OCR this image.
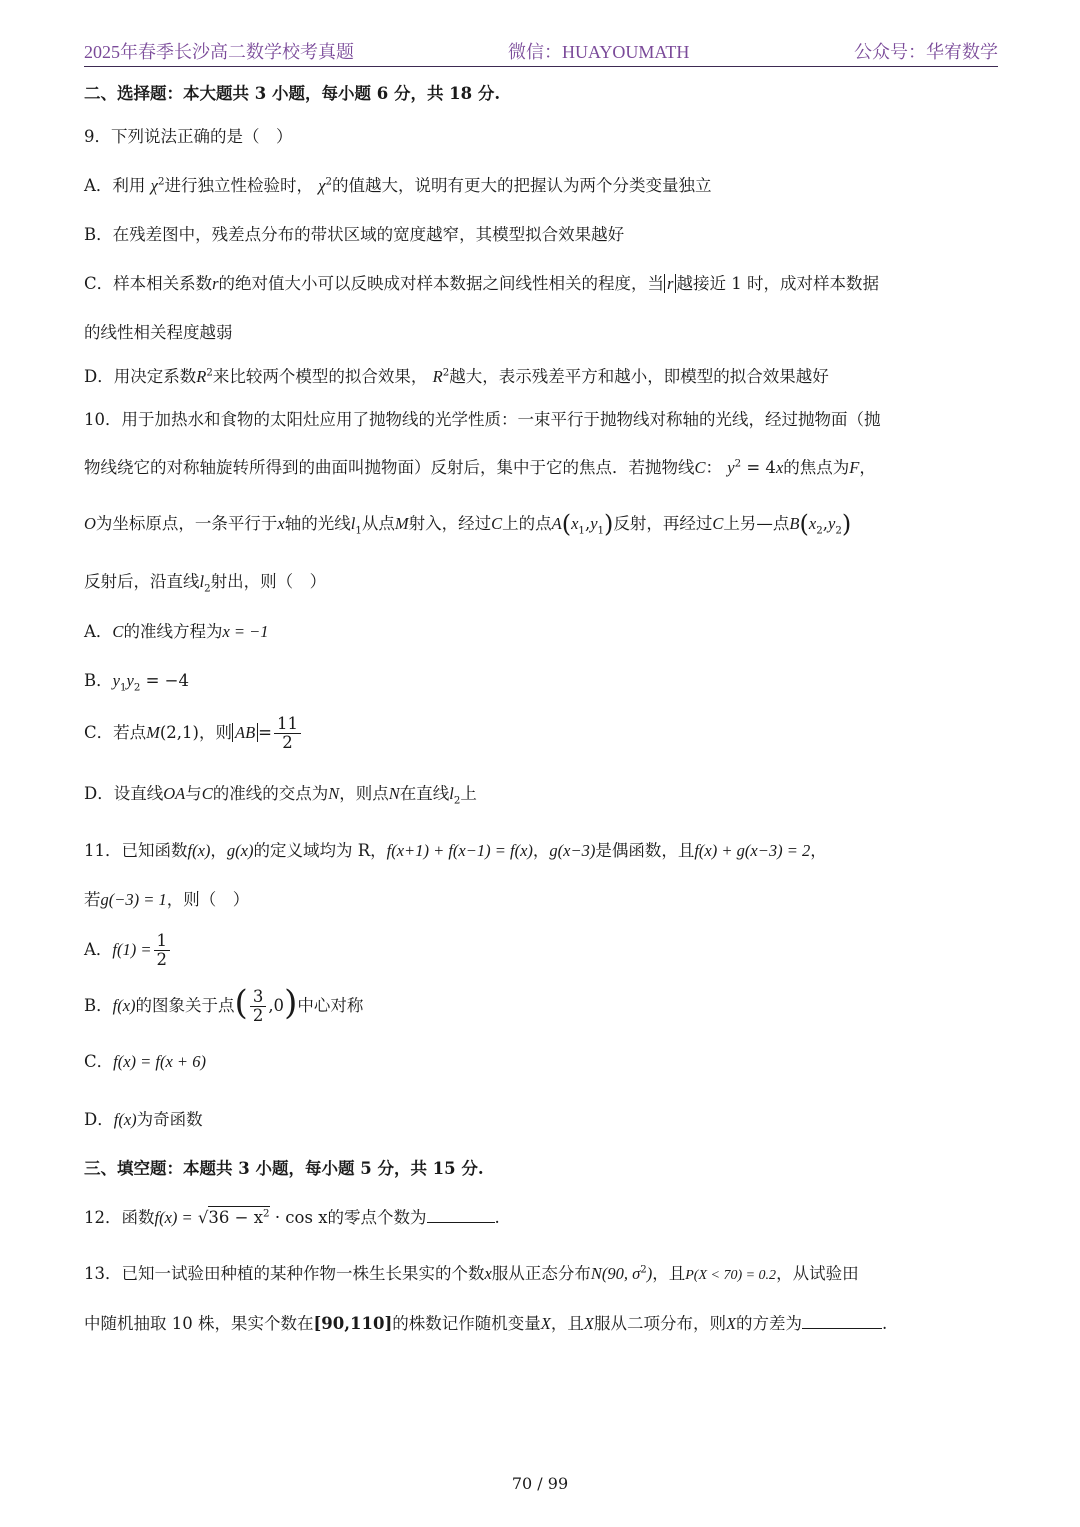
2025年春季长沙高二数学校考真题	微信：HUAYOUMATH	公众号：华宥数学
二、选择题：本大题共 3 小题，每小题 6 分，共 18 分.
9．下列说法正确的是（　）
A．利用 $\chi^2$进行独立性检验时， $\chi^2$的值越大，说明有更大的把握认为两个分类变量独立
B．在残差图中，残差点分布的带状区域的宽度越窄，其模型拟合效果越好
C．样本相关系数r的绝对值大小可以反映成对样本数据之间线性相关的程度，当 r 越接近 1 时，成对样本数据
的线性相关程度越弱
D．用决定系数$R^2$来比较两个模型的拟合效果， $R^2$越大，表示残差平方和越小，即模型的拟合效果越好
10．用于加热水和食物的太阳灶应用了抛物线的光学性质：一束平行于抛物线对称轴的光线，经过抛物面（抛
物线绕它的对称轴旋转所得到的曲面叫抛物面）反射后，集中于它的焦点．若抛物线C： $y^2 = 4x$的焦点为F，
O为坐标原点，一条平行于x轴的光线$l_1$从点M射入，经过C上的点$A(x_1,y_1)$反射，再经过C上另—点$B(x_2,y_2)$
反射后，沿直线$l_2$射出，则（　）
A．C的准线方程为x = −1
B．$y_1y_2 = -4$
C．若点M(2,1)，则 AB = $\frac{11}{2}$
D．设直线OA与C的准线的交点为N，则点N在直线$l_2$上
11．已知函数f(x)，g(x)的定义域均为 R，f(x+1) + f(x−1) = f(x)，g(x−3)是偶函数，且f(x) + g(x−3) = 2，
若g(−3) = 1，则（　）
A．$f(1) = \frac{1}{2}$
B．f(x)的图象关于点( $\frac{3}{2} ,0$)中心对称
C．f(x) = f(x + 6)
D．f(x)为奇函数
三、填空题：本题共 3 小题，每小题 5 分，共 15 分.
12．函数$f(x) = √36 - x^2 \cdot \cos x$的零点个数为	.
13．已知一试验田种植的某种作物一株生长果实的个数x服从正态分布N(90, $\sigma^2$)，且P(X < 70) = 0.2，从试验田
中随机抽取 10 株，果实个数在[90,110]的株数记作随机变量X，且X服从二项分布，则X的方差为	.
70 / 99
